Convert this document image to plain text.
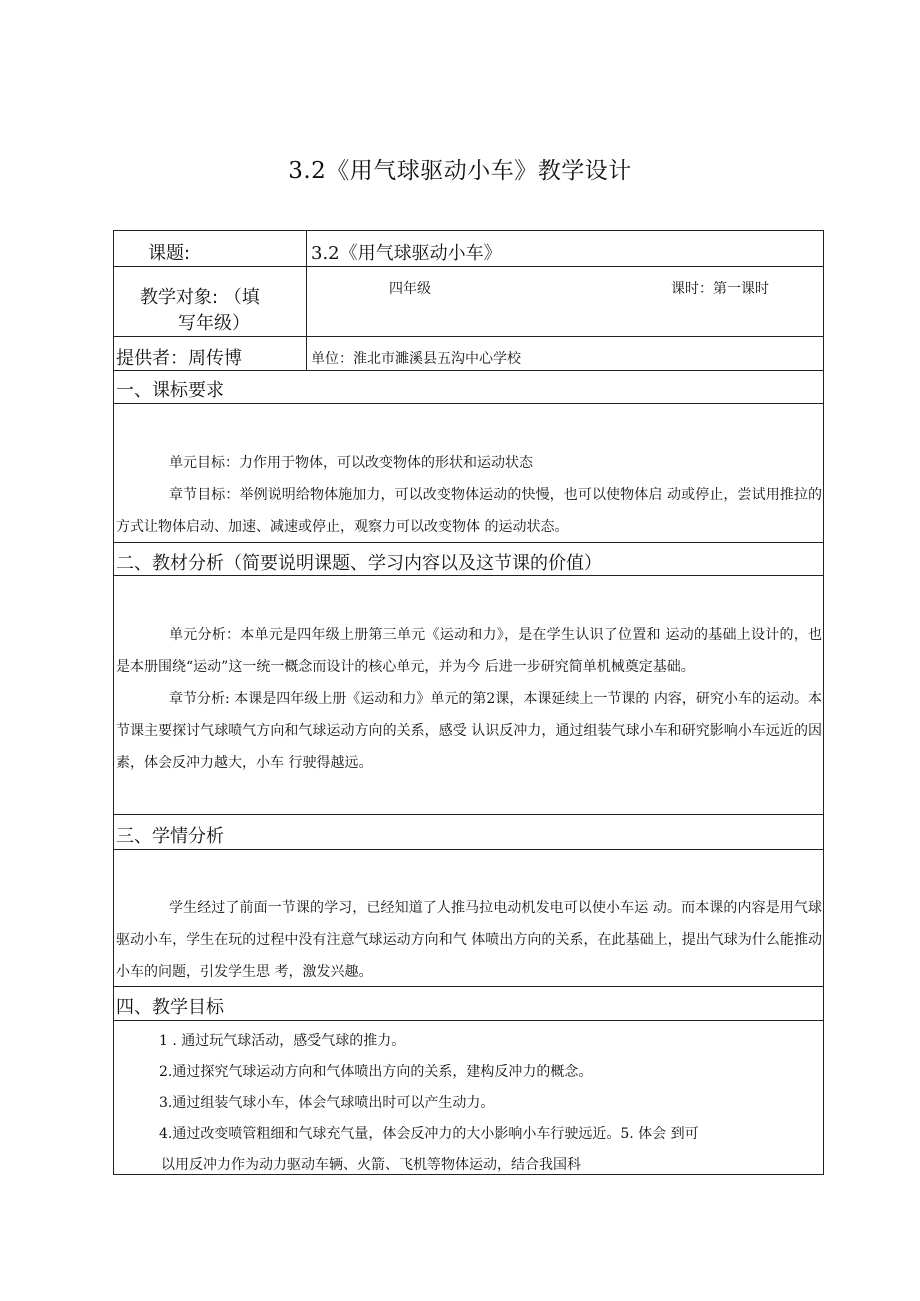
3.2《用气球驱动小车》教学设计
课题:	3.2《用气球驱动小车》
教学对象: （填
写年级）
四年级	课时：第一课时
提供者：周传博	单位：淮北市濉溪县五沟中心学校
一、课标要求

单元目标：力作用于物体，可以改变物体的形状和运动状态

章节目标：举例说明给物体施加力，可以改变物体运动的快慢，也可以使物体启 动或停止，尝试用推拉的方式让物体启动、加速、减速或停止，观察力可以改变物体 的运动状态。

二、教材分析（简要说明课题、学习内容以及这节课的价值）

单元分析：本单元是四年级上册第三单元《运动和力》，是在学生认识了位置和 运动的基础上设计的，也是本册围绕“运动”这一统一概念而设计的核心单元，并为今 后进一步研究简单机械奠定基础。

章节分析: 本课是四年级上册《运动和力》单元的第2课，本课延续上一节课的 内容，研究小车的运动。本节课主要探讨气球喷气方向和气球运动方向的关系，感受 认识反冲力，通过组装气球小车和研究影响小车远近的因素，体会反冲力越大，小车 行驶得越远。

三、学情分析

学生经过了前面一节课的学习，已经知道了人推马拉电动机发电可以使小车运 动。而本课的内容是用气球驱动小车，学生在玩的过程中没有注意气球运动方向和气 体喷出方向的关系，在此基础上，提出气球为什么能推动小车的问题，引发学生思 考，激发兴趣。

四、教学目标

1 . 通过玩气球活动，感受气球的推力。

2.通过探究气球运动方向和气体喷出方向的关系，建构反冲力的概念。

3.通过组装气球小车，体会气球喷出时可以产生动力。

4.通过改变喷管粗细和气球充气量，体会反冲力的大小影响小车行驶远近。5. 体会 到可

以用反冲力作为动力驱动车辆、火箭、飞机等物体运动，结合我国科
